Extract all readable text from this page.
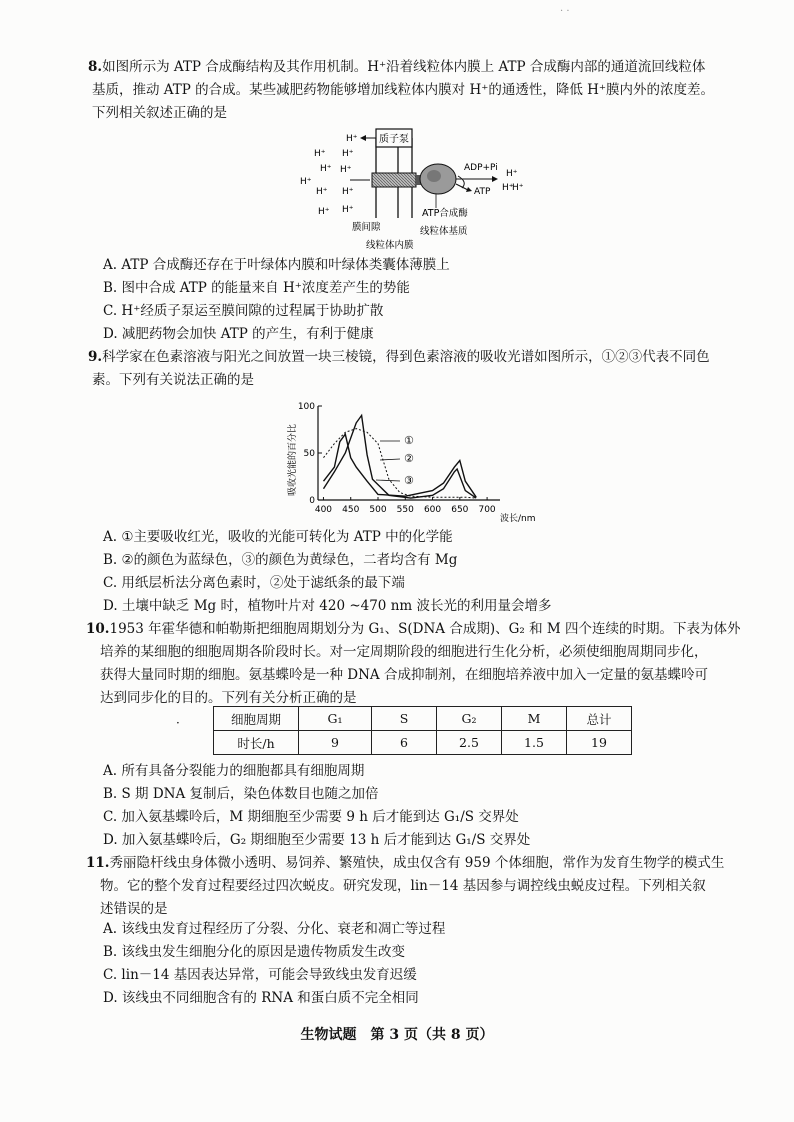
· ·
8.如图所示为 ATP 合成酶结构及其作用机制。H⁺沿着线粒体内膜上 ATP 合成酶内部的通道流回线粒体
基质，推动 ATP 的合成。某些减肥药物能够增加线粒体内膜对 H⁺的通透性，降低 H⁺膜内外的浓度差。
下列相关叙述正确的是
质子泵
H⁺
H⁺ H⁺
H⁺
H⁺
H⁺
H⁺ H⁺
H⁺ H⁺
ADP+Pi
ATP
H⁺
H⁺
H⁺
ATP合成酶
膜间隙	线粒体基质
线粒体内膜
A. ATP 合成酶还存在于叶绿体内膜和叶绿体类囊体薄膜上
B. 图中合成 ATP 的能量来自 H⁺浓度差产生的势能
C. H⁺经质子泵运至膜间隙的过程属于协助扩散
D. 减肥药物会加快 ATP 的产生，有利于健康
9.科学家在色素溶液与阳光之间放置一块三棱镜，得到色素溶液的吸收光谱如图所示，①②③代表不同色
素。下列有关说法正确的是
吸收光能的百分比
波长/nm
0
50
100
400 450 500 550 600 650 700
①
②
③
A. ①主要吸收红光，吸收的光能可转化为 ATP 中的化学能
B. ②的颜色为蓝绿色，③的颜色为黄绿色，二者均含有 Mg
C. 用纸层析法分离色素时，②处于滤纸条的最下端
D. 土壤中缺乏 Mg 时，植物叶片对 420 ~470 nm 波长光的利用量会增多
10.1953 年霍华德和帕勒斯把细胞周期划分为 G₁、S(DNA 合成期)、G₂ 和 M 四个连续的时期。下表为体外
培养的某细胞的细胞周期各阶段时长。对一定周期阶段的细胞进行生化分析，必须使细胞周期同步化，
获得大量同时期的细胞。氨基蝶呤是一种 DNA 合成抑制剂，在细胞培养液中加入一定量的氨基蝶呤可
达到同步化的目的。下列有关分析正确的是
·	细胞周期	G₁	S	G₂	M	总计
时长/h	9	6	2.5	1.5	19
A. 所有具备分裂能力的细胞都具有细胞周期
B. S 期 DNA 复制后，染色体数目也随之加倍
C. 加入氨基蝶呤后，M 期细胞至少需要 9 h 后才能到达 G₁/S 交界处
D. 加入氨基蝶呤后，G₂ 期细胞至少需要 13 h 后才能到达 G₁/S 交界处
11.秀丽隐杆线虫身体微小透明、易饲养、繁殖快，成虫仅含有 959 个体细胞，常作为发育生物学的模式生
物。它的整个发育过程要经过四次蜕皮。研究发现，lin－14 基因参与调控线虫蜕皮过程。下列相关叙
述错误的是
A. 该线虫发育过程经历了分裂、分化、衰老和凋亡等过程
B. 该线虫发生细胞分化的原因是遗传物质发生改变
C. lin－14 基因表达异常，可能会导致线虫发育迟缓
D. 该线虫不同细胞含有的 RNA 和蛋白质不完全相同
生物试题　第 3 页（共 8 页）
